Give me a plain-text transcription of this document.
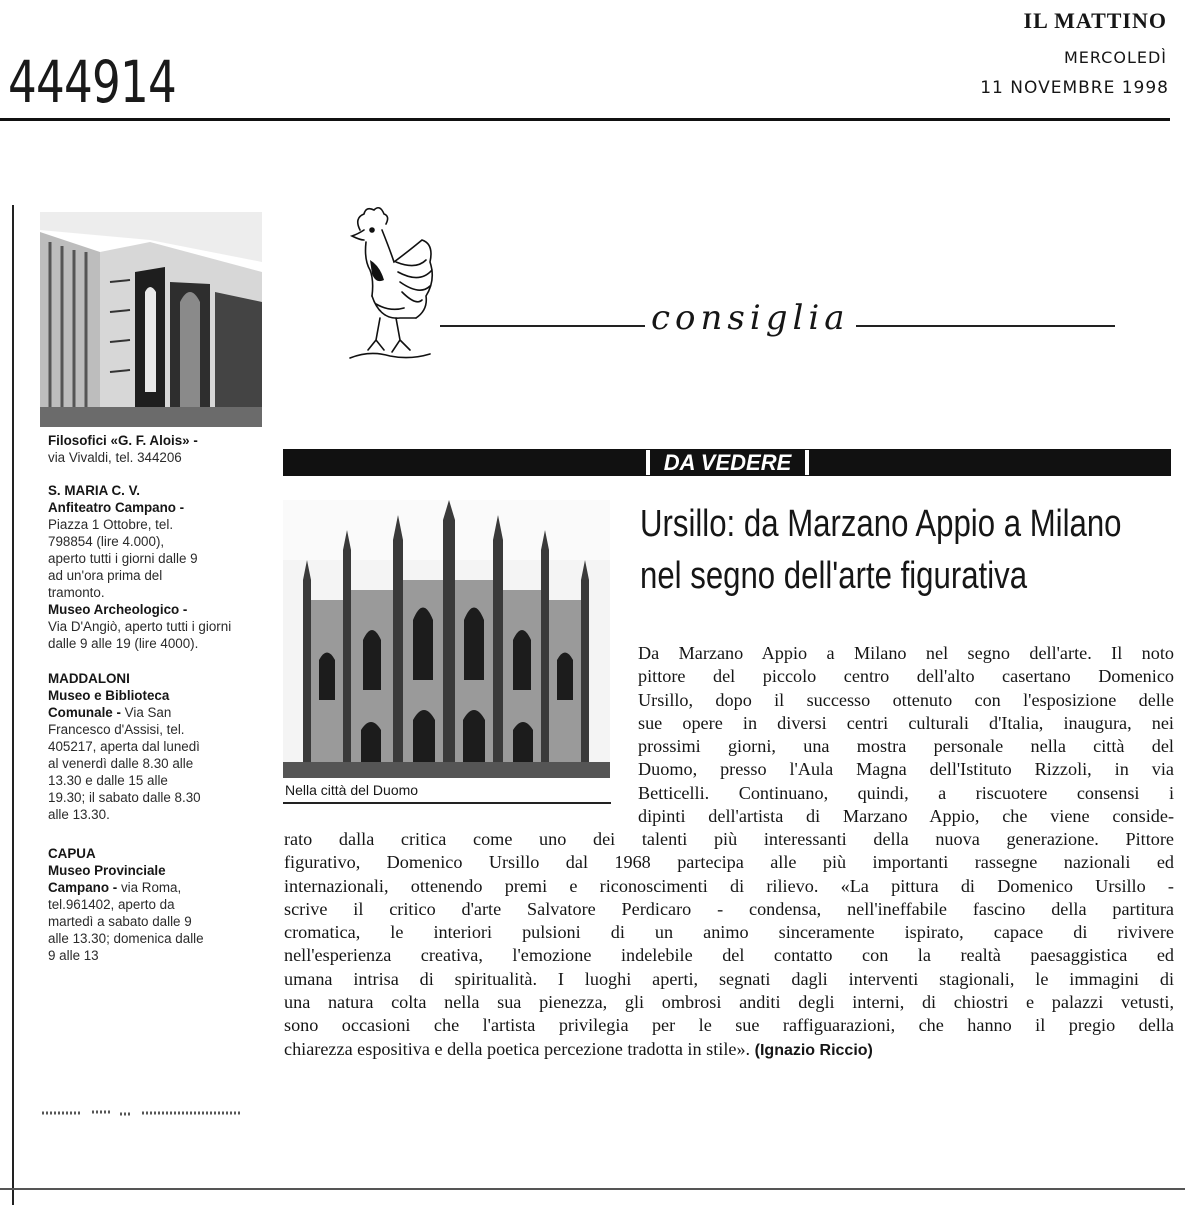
444914
IL MATTINO
MERCOLEDÌ
11 NOVEMBRE 1998
Filosofici «G. F. Alois» -
via Vivaldi, tel. 344206
S. MARIA C. V.
Anfiteatro Campano -
Piazza 1 Ottobre, tel.
798854 (lire 4.000),
aperto tutti i giorni dalle 9
ad un'ora prima del
tramonto.
Museo Archeologico -
Via D'Angiò, aperto tutti i giorni
dalle 9 alle 19 (lire 4000).
MADDALONI
Museo e Biblioteca
Comunale - Via San
Francesco d'Assisi, tel.
405217, aperta dal lunedì
al venerdì dalle 8.30 alle
13.30 e dalle 15 alle
19.30; il sabato dalle 8.30
alle 13.30.
CAPUA
Museo Provinciale
Campano - via Roma,
tel.961402, aperto da
martedì a sabato dalle 9
alle 13.30; domenica dalle
9 alle 13
consiglia
DA VEDERE
Nella città del Duomo
Ursillo: da Marzano Appio a Milano
nel segno dell'arte figurativa
Da Marzano Appio a Milano nel segno dell'arte. Il noto
pittore del piccolo centro dell'alto casertano Domenico
Ursillo, dopo il successo ottenuto con l'esposizione delle
sue opere in diversi centri culturali d'Italia, inaugura, nei
prossimi giorni, una mostra personale nella città del
Duomo, presso l'Aula Magna dell'Istituto Rizzoli, in via
Betticelli. Continuano, quindi, a riscuotere consensi i
dipinti dell'artista di Marzano Appio, che viene conside-
rato dalla critica come uno dei talenti più interessanti della nuova generazione. Pittore
figurativo, Domenico Ursillo dal 1968 partecipa alle più importanti rassegne nazionali ed
internazionali, ottenendo premi e riconoscimenti di rilievo. «La pittura di Domenico Ursillo -
scrive il critico d'arte Salvatore Perdicaro - condensa, nell'ineffabile fascino della partitura
cromatica, le interiori pulsioni di un animo sinceramente ispirato, capace di rivivere
nell'esperienza creativa, l'emozione indelebile del contatto con la realtà paesaggistica ed
umana intrisa di spiritualità. I luoghi aperti, segnati dagli interventi stagionali, le immagini di
una natura colta nella sua pienezza, gli ombrosi anditi degli interni, di chiostri e palazzi vetusti,
sono occasioni che l'artista privilegia per le sue raffiguarazioni, che hanno il pregio della
chiarezza espositiva e della poetica percezione tradotta in stile». (Ignazio Riccio)
